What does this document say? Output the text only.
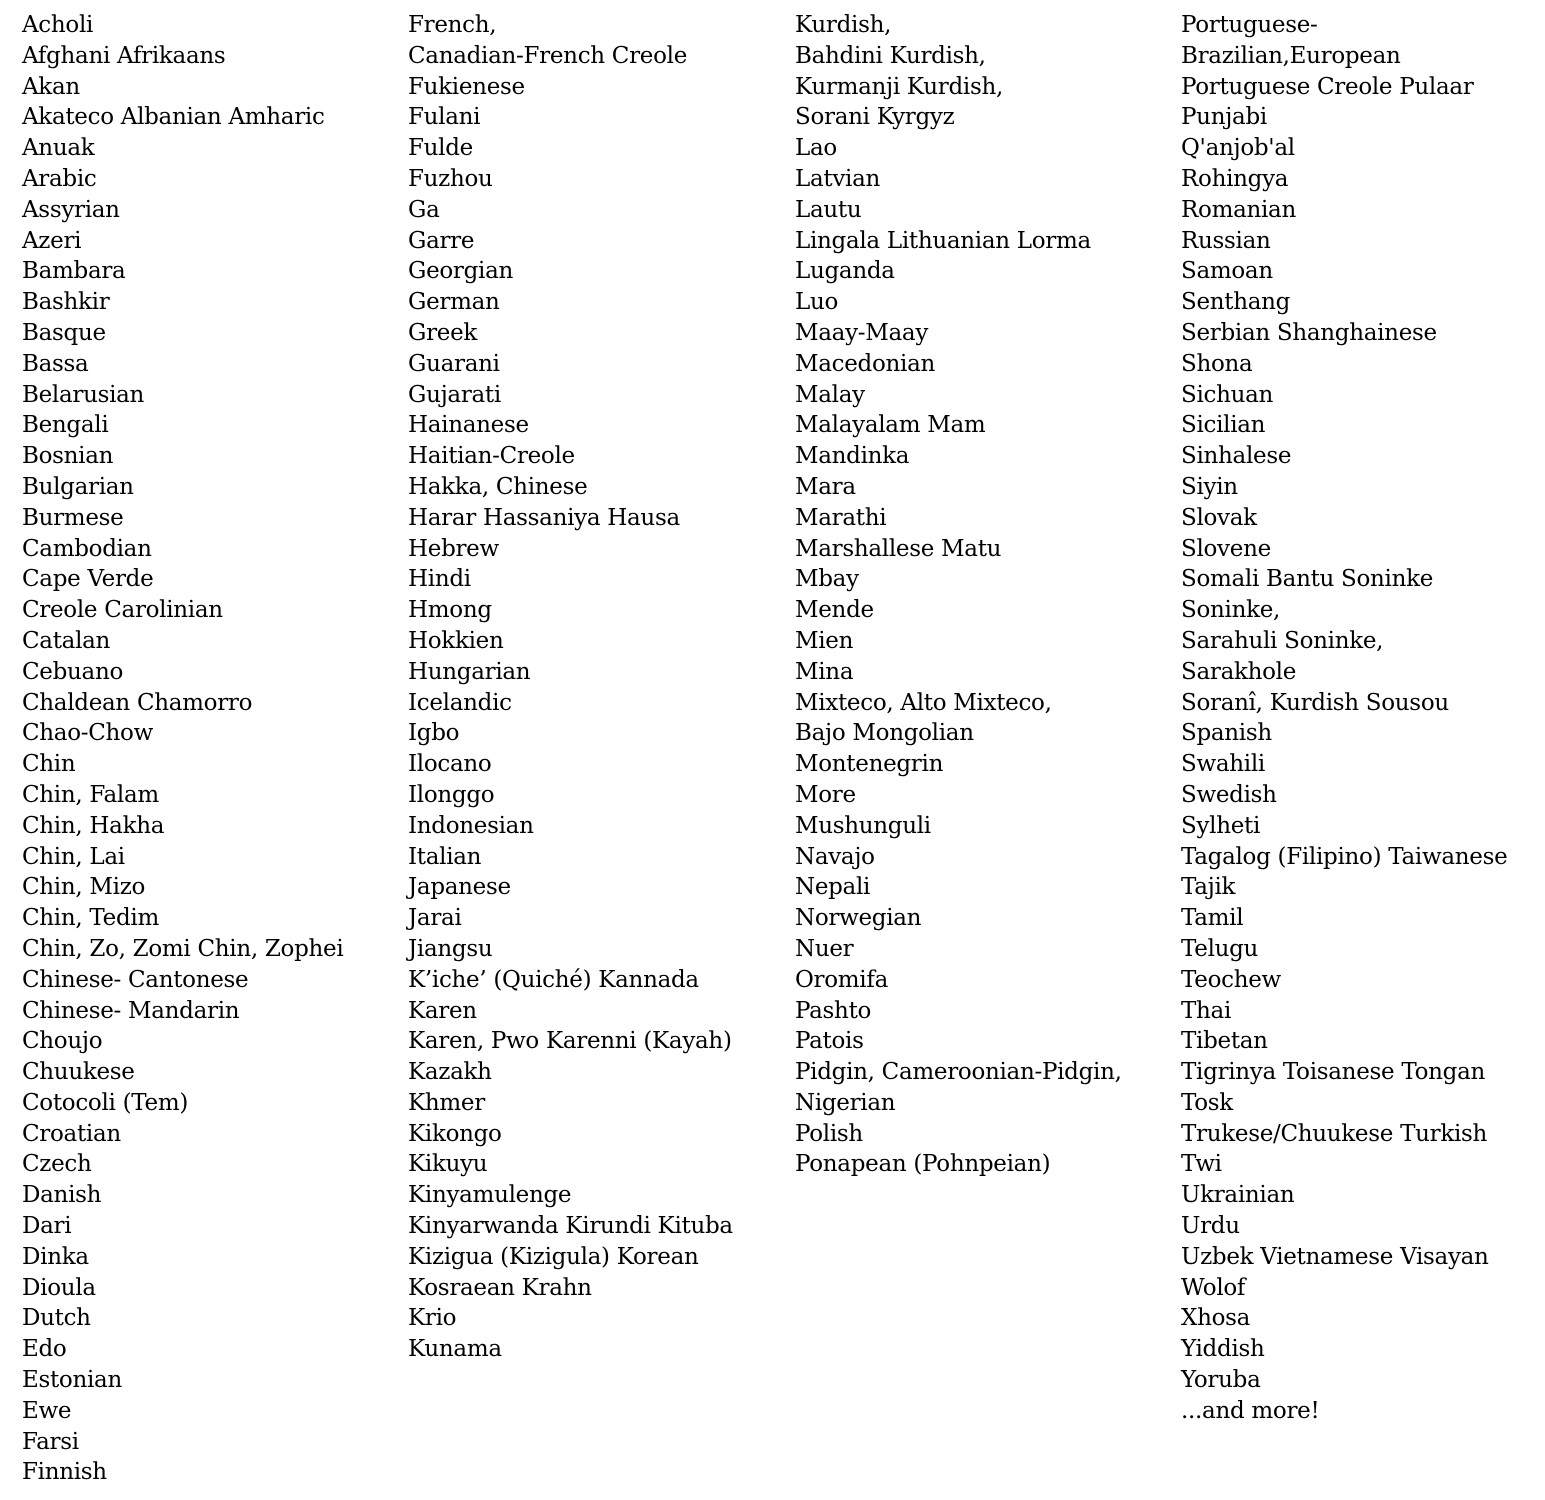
Acholi
Afghani Afrikaans
Akan
Akateco Albanian Amharic
Anuak
Arabic
Assyrian
Azeri
Bambara
Bashkir
Basque
Bassa
Belarusian
Bengali
Bosnian
Bulgarian
Burmese
Cambodian
Cape Verde
Creole Carolinian
Catalan
Cebuano
Chaldean Chamorro
Chao-Chow
Chin
Chin, Falam
Chin, Hakha
Chin, Lai
Chin, Mizo
Chin, Tedim
Chin, Zo, Zomi Chin, Zophei
Chinese- Cantonese
Chinese- Mandarin
Choujo
Chuukese
Cotocoli (Tem)
Croatian
Czech
Danish
Dari
Dinka
Dioula
Dutch
Edo
Estonian
Ewe
Farsi
Finnish
French,
Canadian-French Creole
Fukienese
Fulani
Fulde
Fuzhou
Ga
Garre
Georgian
German
Greek
Guarani
Gujarati
Hainanese
Haitian-Creole
Hakka, Chinese
Harar Hassaniya Hausa
Hebrew
Hindi
Hmong
Hokkien
Hungarian
Icelandic
Igbo
Ilocano
Ilonggo
Indonesian
Italian
Japanese
Jarai
Jiangsu
K’iche’ (Quiché) Kannada
Karen
Karen, Pwo Karenni (Kayah)
Kazakh
Khmer
Kikongo
Kikuyu
Kinyamulenge
Kinyarwanda Kirundi Kituba
Kizigua (Kizigula) Korean
Kosraean Krahn
Krio
Kunama
Kurdish,
Bahdini Kurdish,
Kurmanji Kurdish,
Sorani Kyrgyz
Lao
Latvian
Lautu
Lingala Lithuanian Lorma
Luganda
Luo
Maay-Maay
Macedonian
Malay
Malayalam Mam
Mandinka
Mara
Marathi
Marshallese Matu
Mbay
Mende
Mien
Mina
Mixteco, Alto Mixteco,
Bajo Mongolian
Montenegrin
More
Mushunguli
Navajo
Nepali
Norwegian
Nuer
Oromifa
Pashto
Patois
Pidgin, Cameroonian-Pidgin,
Nigerian
Polish
Ponapean (Pohnpeian)
Portuguese-
Brazilian,European
Portuguese Creole Pulaar
Punjabi
Q'anjob'al
Rohingya
Romanian
Russian
Samoan
Senthang
Serbian Shanghainese
Shona
Sichuan
Sicilian
Sinhalese
Siyin
Slovak
Slovene
Somali Bantu Soninke
Soninke,
Sarahuli Soninke,
Sarakhole
Soranî, Kurdish Sousou
Spanish
Swahili
Swedish
Sylheti
Tagalog (Filipino) Taiwanese
Tajik
Tamil
Telugu
Teochew
Thai
Tibetan
Tigrinya Toisanese Tongan
Tosk
Trukese/Chuukese Turkish
Twi
Ukrainian
Urdu
Uzbek Vietnamese Visayan
Wolof
Xhosa
Yiddish
Yoruba
...and more!
